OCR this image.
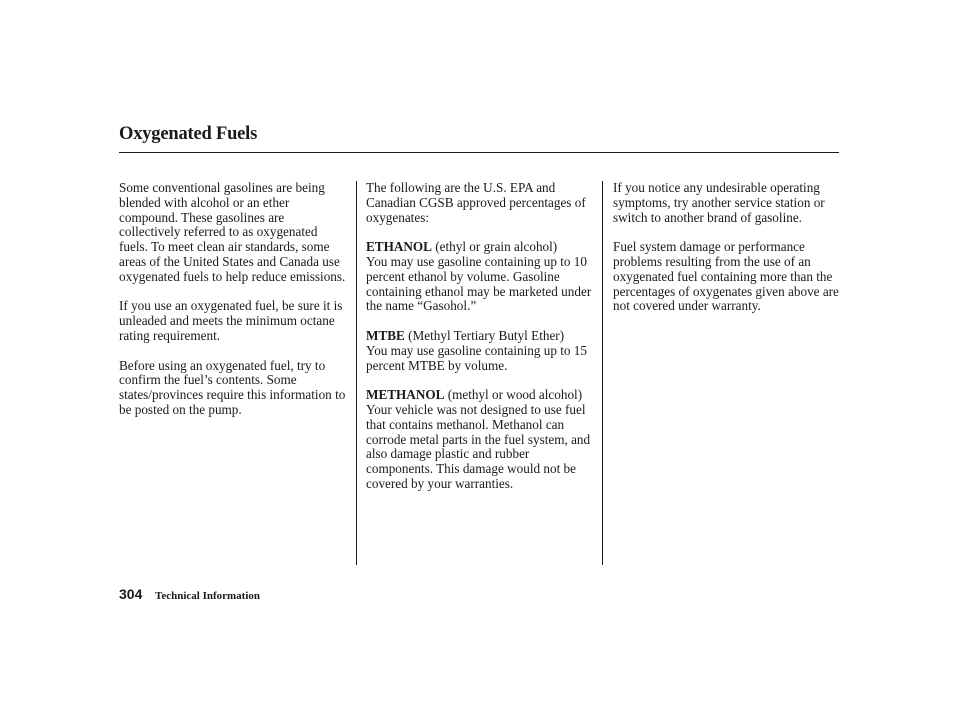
Oxygenated Fuels

Some conventional gasolines are being blended with alcohol or an ether compound. These gasolines are collectively referred to as oxygenated fuels. To meet clean air standards, some areas of the United States and Canada use oxygenated fuels to help reduce emissions.

If you use an oxygenated fuel, be sure it is unleaded and meets the minimum octane rating requirement.

Before using an oxygenated fuel, try to confirm the fuel’s contents. Some states/provinces require this information to be posted on the pump.

The following are the U.S. EPA and Canadian CGSB approved percentages of oxygenates:

ETHANOL (ethyl or grain alcohol)
You may use gasoline containing up to 10 percent ethanol by volume. Gasoline containing ethanol may be marketed under the name “Gasohol.”

MTBE (Methyl Tertiary Butyl Ether)
You may use gasoline containing up to 15 percent MTBE by volume.

METHANOL (methyl or wood alcohol)
Your vehicle was not designed to use fuel that contains methanol. Methanol can corrode metal parts in the fuel system, and also damage plastic and rubber components. This damage would not be covered by your warranties.

If you notice any undesirable operating symptoms, try another service station or switch to another brand of gasoline.

Fuel system damage or performance problems resulting from the use of an oxygenated fuel containing more than the percentages of oxygenates given above are not covered under warranty.

304 Technical Information
